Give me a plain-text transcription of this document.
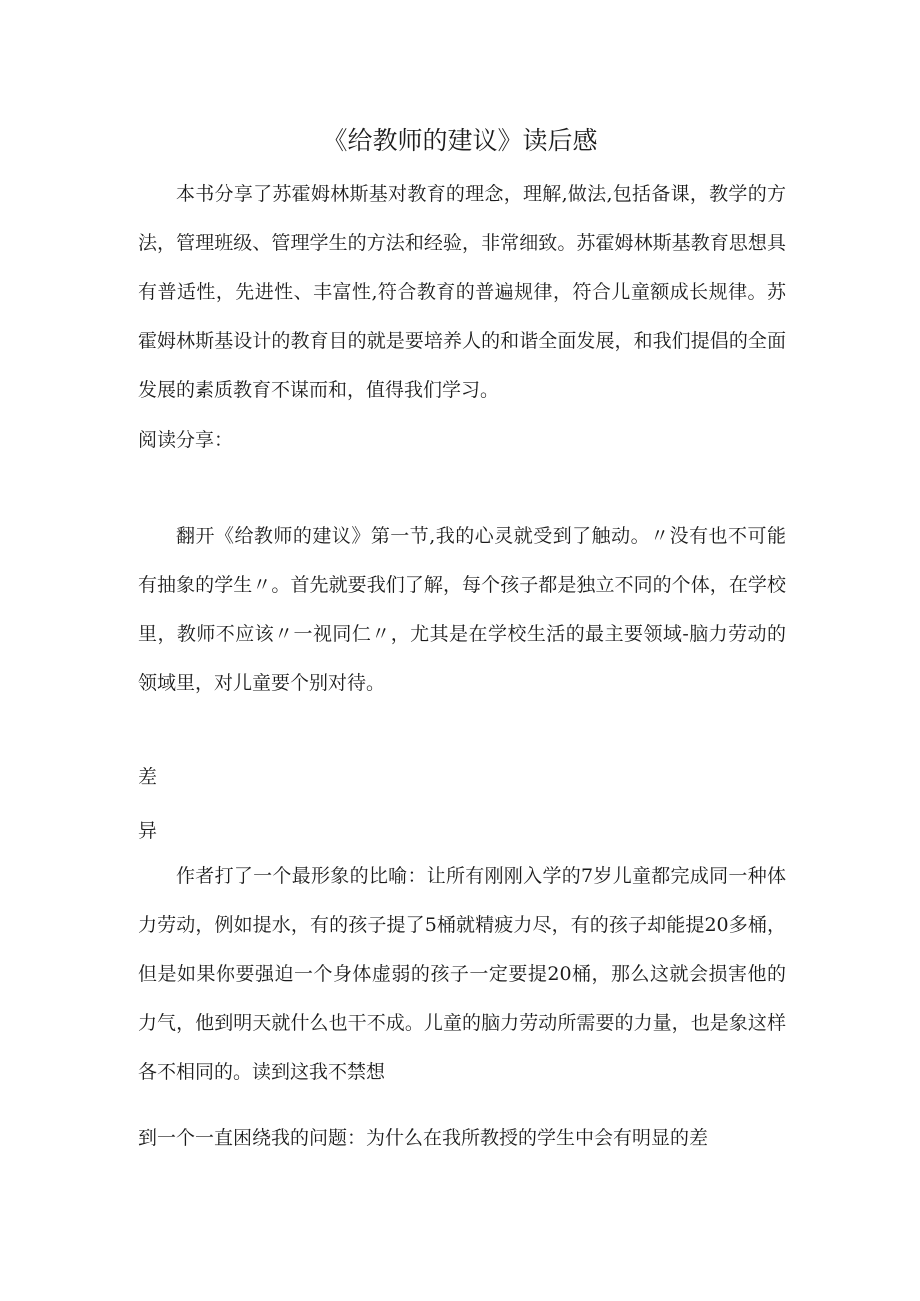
《给教师的建议》读后感

本书分享了苏霍姆林斯基对教育的理念，理解,做法,包括备课，教学的方法，管理班级、管理学生的方法和经验，非常细致。苏霍姆林斯基教育思想具有普适性，先进性、丰富性,符合教育的普遍规律，符合儿童额成长规律。苏霍姆林斯基设计的教育目的就是要培养人的和谐全面发展，和我们提倡的全面发展的素质教育不谋而和，值得我们学习。

阅读分享：

翻开《给教师的建议》第一节,我的心灵就受到了触动。〃没有也不可能有抽象的学生〃。首先就要我们了解，每个孩子都是独立不同的个体，在学校里，教师不应该〃一视同仁〃，尤其是在学校生活的最主要领域-脑力劳动的领域里，对儿童要个别对待。

差

异

作者打了一个最形象的比喻：让所有刚刚入学的7岁儿童都完成同一种体力劳动，例如提水，有的孩子提了5桶就精疲力尽，有的孩子却能提20多桶，但是如果你要强迫一个身体虚弱的孩子一定要提20桶，那么这就会损害他的力气，他到明天就什么也干不成。儿童的脑力劳动所需要的力量，也是象这样各不相同的。读到这我不禁想

到一个一直困绕我的问题：为什么在我所教授的学生中会有明显的差
